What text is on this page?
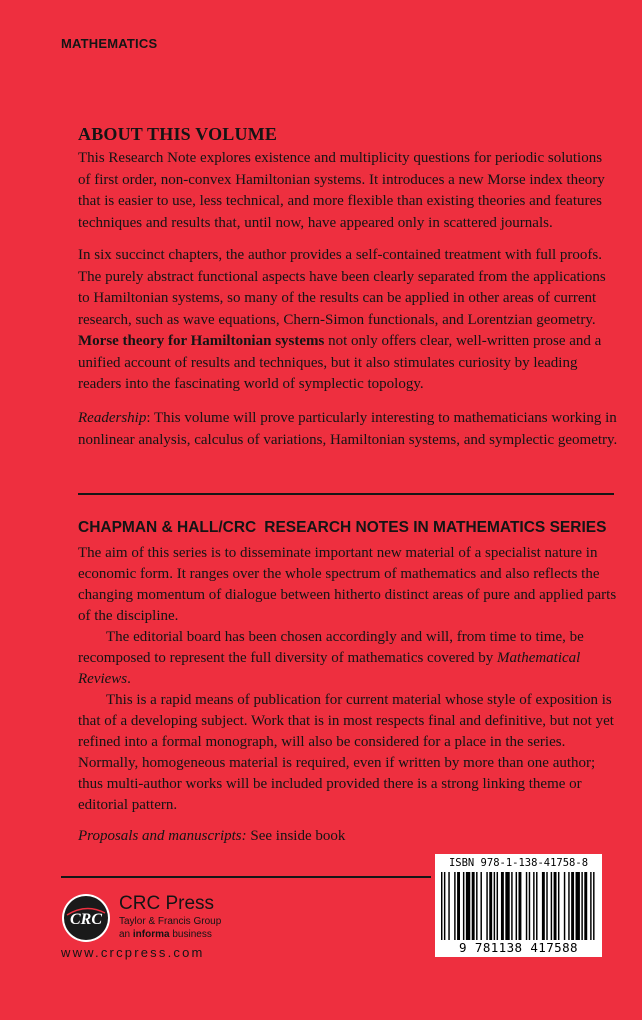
MATHEMATICS
ABOUT THIS VOLUME

This Research Note explores existence and multiplicity questions for periodic solutions of first order, non-convex Hamiltonian systems. It introduces a new Morse index theory that is easier to use, less technical, and more flexible than existing theories and features techniques and results that, until now, have appeared only in scattered journals.

In six succinct chapters, the author provides a self-contained treatment with full proofs. The purely abstract functional aspects have been clearly separated from the applications to Hamiltonian systems, so many of the results can be applied in other areas of current research, such as wave equations, Chern-Simon functionals, and Lorentzian geometry. Morse theory for Hamiltonian systems not only offers clear, well-written prose and a unified account of results and techniques, but it also stimulates curiosity by leading readers into the fascinating world of symplectic topology.

Readership: This volume will prove particularly interesting to mathematicians working in nonlinear analysis, calculus of variations, Hamiltonian systems, and symplectic geometry.

CHAPMAN & HALL/CRC RESEARCH NOTES IN MATHEMATICS SERIES

The aim of this series is to disseminate important new material of a specialist nature in economic form. It ranges over the whole spectrum of mathematics and also reflects the changing momentum of dialogue between hitherto distinct areas of pure and applied parts of the discipline.

The editorial board has been chosen accordingly and will, from time to time, be recomposed to represent the full diversity of mathematics covered by Mathematical Reviews.

This is a rapid means of publication for current material whose style of exposition is that of a developing subject. Work that is in most respects final and definitive, but not yet refined into a formal monograph, will also be considered for a place in the series. Normally, homogeneous material is required, even if written by more than one author; thus multi-author works will be included provided there is a strong linking theme or editorial pattern.

Proposals and manuscripts: See inside book

CRC
CRC Press
Taylor & Francis Group
an informa business
www.crcpress.com
ISBN 978-1-138-41758-8
9 781138 417588
